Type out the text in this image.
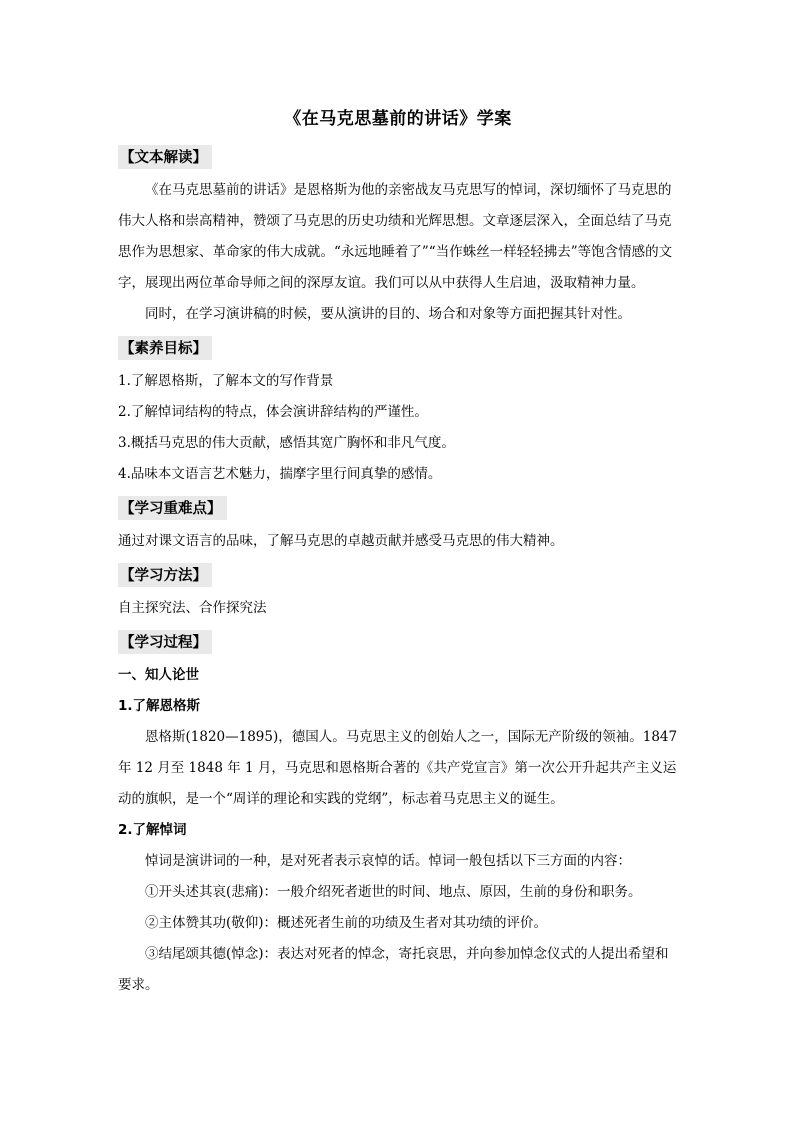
《在马克思墓前的讲话》学案
【文本解读】

《在马克思墓前的讲话》是恩格斯为他的亲密战友马克思写的悼词，深切缅怀了马克思的伟大人格和崇高精神，赞颂了马克思的历史功绩和光辉思想。文章逐层深入，全面总结了马克思作为思想家、革命家的伟大成就。“永远地睡着了”“当作蛛丝一样轻轻拂去”等饱含情感的文字，展现出两位革命导师之间的深厚友谊。我们可以从中获得人生启迪，汲取精神力量。

同时，在学习演讲稿的时候，要从演讲的目的、场合和对象等方面把握其针对性。

【素养目标】

1.了解恩格斯，了解本文的写作背景

2.了解悼词结构的特点，体会演讲辞结构的严谨性。

3.概括马克思的伟大贡献，感悟其宽广胸怀和非凡气度。

4.品味本文语言艺术魅力，揣摩字里行间真挚的感情。

【学习重难点】

通过对课文语言的品味，了解马克思的卓越贡献并感受马克思的伟大精神。

【学习方法】

自主探究法、合作探究法

【学习过程】

一、知人论世

1.了解恩格斯

恩格斯(1820—1895)，德国人。马克思主义的创始人之一，国际无产阶级的领袖。1847 年 12 月至 1848 年 1 月，马克思和恩格斯合著的《共产党宣言》第一次公开升起共产主义运动的旗帜，是一个“周详的理论和实践的党纲”，标志着马克思主义的诞生。

2.了解悼词

悼词是演讲词的一种，是对死者表示哀悼的话。悼词一般包括以下三方面的内容：

①开头述其哀(悲痛)：一般介绍死者逝世的时间、地点、原因，生前的身份和职务。

②主体赞其功(敬仰)：概述死者生前的功绩及生者对其功绩的评价。

③结尾颂其德(悼念)：表达对死者的悼念，寄托哀思，并向参加悼念仪式的人提出希望和要求。
